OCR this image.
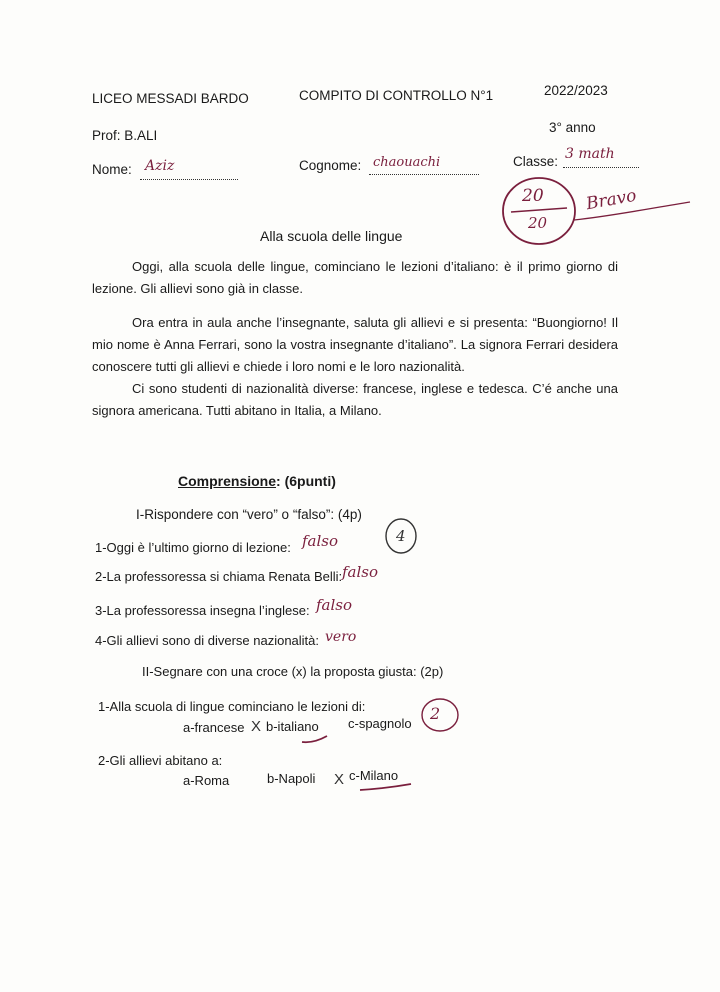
LICEO MESSADI BARDO	COMPITO DI CONTROLLO N°1	2022/2023
Prof: B.ALI
3° anno
Nome: Aziz	Cognome: chaouachi	Classe: 3 math
20
20
Bravo
Alla scuola delle lingue

Oggi, alla scuola delle lingue, cominciano le lezioni d’italiano: è il primo giorno di lezione. Gli allievi sono già in classe.

Ora entra in aula anche l’insegnante, saluta gli allievi e si presenta: “Buongiorno! Il mio nome è Anna Ferrari, sono la vostra insegnante d’italiano”. La signora Ferrari desidera conoscere tutti gli allievi e chiede i loro nomi e le loro nazionalità.

Ci sono studenti di nazionalità diverse: francese, inglese e tedesca. C’é anche una signora americana. Tutti abitano in Italia, a Milano.

Comprensione: (6punti)
I-Rispondere con “vero” o “falso”: (4p)
1-Oggi è l’ultimo giorno di lezione: falso
2-La professoressa si chiama Renata Belli: falso
3-La professoressa insegna l’inglese: falso
4-Gli allievi sono di diverse nazionalità: vero
4
II-Segnare con una croce (x) la proposta giusta: (2p)
1-Alla scuola di lingue cominciano le lezioni di:
a-francese X b-italiano c-spagnolo
2
2-Gli allievi abitano a:
a-Roma	b-Napoli X c-Milano
